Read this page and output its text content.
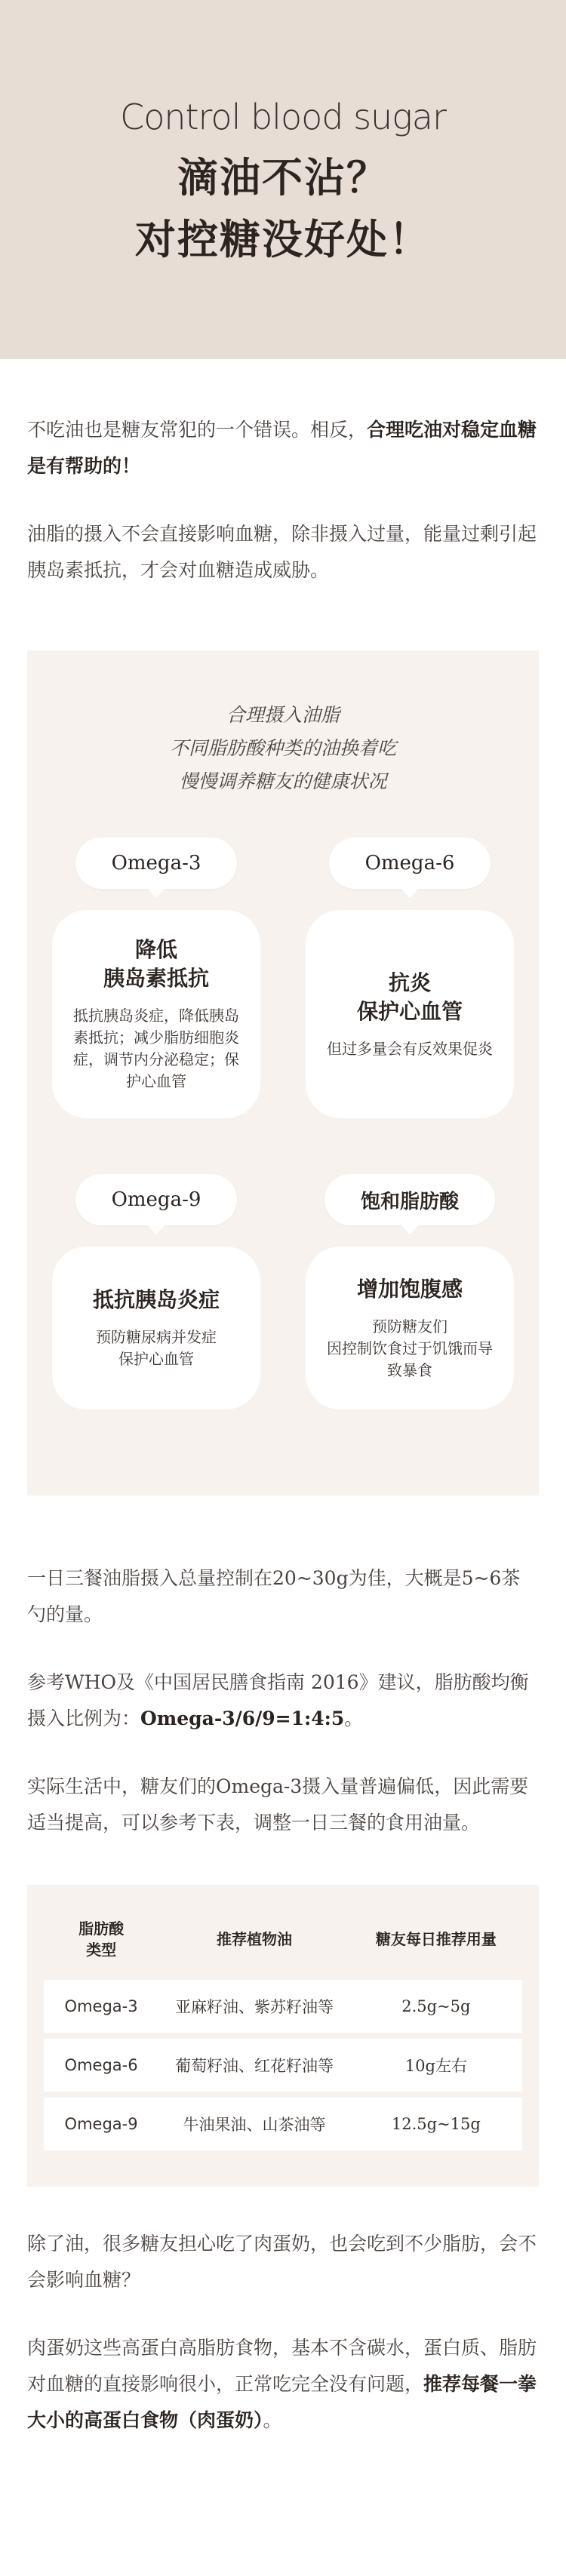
Control blood sugar
滴油不沾？
对控糖没好处！

不吃油也是糖友常犯的一个错误。相反，合理吃油对稳定血糖是有帮助的！

油脂的摄入不会直接影响血糖，除非摄入过量，能量过剩引起胰岛素抵抗，才会对血糖造成威胁。

合理摄入油脂
不同脂肪酸种类的油换着吃
慢慢调养糖友的健康状况
Omega-3
降低
胰岛素抵抗
抵抗胰岛炎症，降低胰岛素抵抗；减少脂肪细胞炎症，调节内分泌稳定；保护心血管
Omega-6
抗炎
保护心血管
但过多量会有反效果促炎
Omega-9
抵抗胰岛炎症
预防糖尿病并发症
保护心血管
饱和脂肪酸
增加饱腹感
预防糖友们
因控制饮食过于饥饿而导致暴食

一日三餐油脂摄入总量控制在20~30g为佳，大概是5~6茶勺的量。

参考WHO及《中国居民膳食指南 2016》建议，脂肪酸均衡摄入比例为：Omega-3/6/9=1:4:5。

实际生活中，糖友们的Omega-3摄入量普遍偏低，因此需要适当提高，可以参考下表，调整一日三餐的食用油量。

脂肪酸
类型	推荐植物油	糖友每日推荐用量
Omega-3	亚麻籽油、紫苏籽油等	2.5g~5g
Omega-6	葡萄籽油、红花籽油等	10g左右
Omega-9	牛油果油、山茶油等	12.5g~15g

除了油，很多糖友担心吃了肉蛋奶，也会吃到不少脂肪，会不会影响血糖？

肉蛋奶这些高蛋白高脂肪食物，基本不含碳水，蛋白质、脂肪对血糖的直接影响很小，正常吃完全没有问题，推荐每餐一拳大小的高蛋白食物（肉蛋奶）。
